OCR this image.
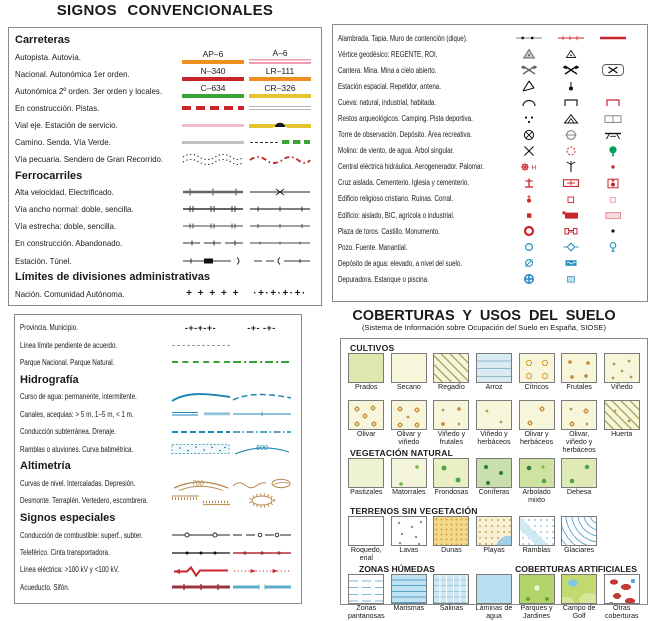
SIGNOS CONVENCIONALES
Carreteras
Autopista. Autovía.	AP–6	A–6
Nacional. Autonómica 1er orden.	N–340	LR–111
Autonómica 2º orden. 3er orden y locales.	C–634	CR–326
En construcción. Pistas.
Vial eje. Estación de servicio.
Camino. Senda. Vía Verde.
Vía pecuaria. Sendero de Gran Recorrido.
Ferrocarriles
Alta velocidad. Electrificado.
Vía ancho normal: doble, sencilla.
Vía estrecha: doble, sencilla.
En construcción. Abandonado.
Estación. Túnel.
Límites de divisiones administrativas
Nación. Comunidad Autónoma.	+ + + + + ·+·+·+·+·
Alambrada. Tapia. Muro de contención (dique).
Vértice geodésico: REGENTE, ROI.
Cantera. Mina. Mina a cielo abierto.
Estación espacial. Repetidor, antena.
Cueva: natural, industrial, habitada.
Restos arqueológicos. Camping. Pista deportiva.
Torre de observación. Depósito. Área recreativa.
Molino: de viento, de agua. Árbol singular.
Central eléctrica hidráulica. Aerogenerador. Palomar.	H
Cruz aislada. Cementerio. Iglesia y cementerio.
Edificio religioso cristiano. Ruinas. Corral.
Edificio: aislado, BIC, agrícola o industrial.
Plaza de toros. Castillo. Monumento.
Pozo. Fuente. Manantial.
Depósito de agua: elevado, a nivel del suelo.
Depuradora. Estanque o piscina.
Provincia. Municipio.	-+-+-+-	-+- -+-
Línea límite pendiente de acuerdo.
Parque Nacional. Parque Natural.
Hidrografía
Curso de agua: permanente, intermitente.
Canales, acequias: > 5 m, 1–5 m, < 1 m.
Conducción subterránea. Drenaje.
Ramblas o aluviones. Curva batimétrica.	600
Altimetría
Curvas de nivel. Intercaladas. Depresión.	700
Desmonte. Terraplén. Vertedero, escombrera.
Signos especiales
Conducción de combustible: superf., subter.
Teleférico. Cinta transportadora.
Línea eléctrica: >100 kV y <100 kV.
Acueducto. Sifón.
COBERTURAS Y USOS DEL SUELO
(Sistema de Información sobre Ocupación del Suelo en España, SIOSE)
CULTIVOS
Prados	Secano Regadío	Arroz	Cítricos Frutales	Viñedo
Olivar	Olivar y viñedo
Viñedo y frutales
Viñedo y herbáceos
Olivar y herbáceos
Olivar, viñedo y herbáceos
Huerta
VEGETACIÓN NATURAL
Pastizales Matorrales Frondosas Coníferas	Arbolado mixto
Dehesa
TERRENOS SIN VEGETACIÓN
Roquedo, erial
Lavas	Dunas	Playas	Ramblas Glaciares
ZONAS HÚMEDAS	COBERTURAS ARTIFICIALES
Zonas pantanosas
Marismas Salinas Láminas de agua
Parques y Jardines
Campo de Golf
Otras coberturas
